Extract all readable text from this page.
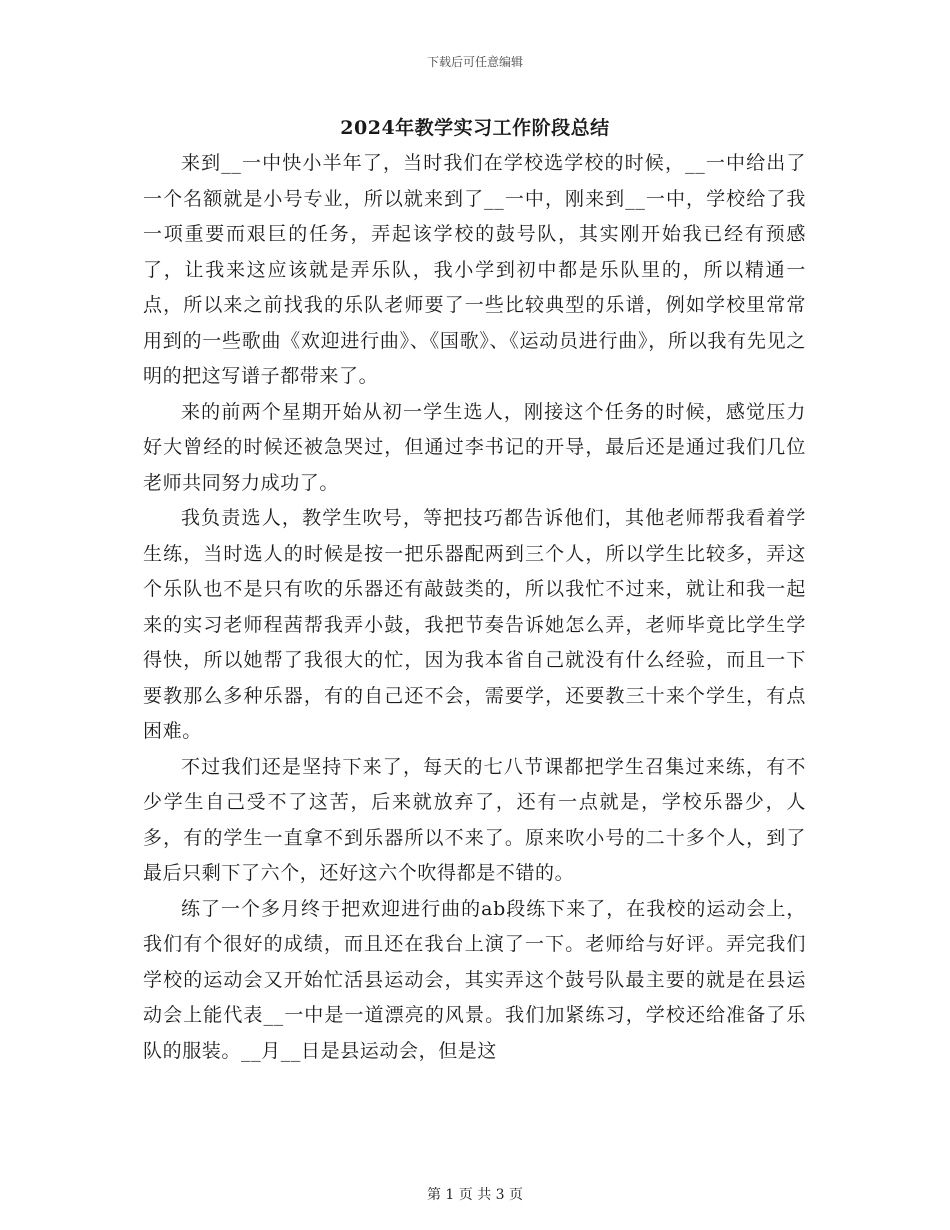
下载后可任意编辑
2024年教学实习工作阶段总结

来到__一中快小半年了，当时我们在学校选学校的时候，__一中给出了一个名额就是小号专业，所以就来到了__一中，刚来到__一中，学校给了我一项重要而艰巨的任务，弄起该学校的鼓号队，其实刚开始我已经有预感了，让我来这应该就是弄乐队，我小学到初中都是乐队里的，所以精通一点，所以来之前找我的乐队老师要了一些比较典型的乐谱，例如学校里常常用到的一些歌曲《欢迎进行曲》、《国歌》、《运动员进行曲》，所以我有先见之明的把这写谱子都带来了。

来的前两个星期开始从初一学生选人，刚接这个任务的时候，感觉压力好大曾经的时候还被急哭过，但通过李书记的开导，最后还是通过我们几位老师共同努力成功了。

我负责选人，教学生吹号，等把技巧都告诉他们，其他老师帮我看着学生练，当时选人的时候是按一把乐器配两到三个人，所以学生比较多，弄这个乐队也不是只有吹的乐器还有敲鼓类的，所以我忙不过来，就让和我一起来的实习老师程茜帮我弄小鼓，我把节奏告诉她怎么弄，老师毕竟比学生学得快，所以她帮了我很大的忙，因为我本省自己就没有什么经验，而且一下要教那么多种乐器，有的自己还不会，需要学，还要教三十来个学生，有点困难。

不过我们还是坚持下来了，每天的七八节课都把学生召集过来练，有不少学生自己受不了这苦，后来就放弃了，还有一点就是，学校乐器少，人多，有的学生一直拿不到乐器所以不来了。原来吹小号的二十多个人，到了最后只剩下了六个，还好这六个吹得都是不错的。

练了一个多月终于把欢迎进行曲的ab段练下来了，在我校的运动会上，我们有个很好的成绩，而且还在我台上演了一下。老师给与好评。弄完我们学校的运动会又开始忙活县运动会，其实弄这个鼓号队最主要的就是在县运动会上能代表__一中是一道漂亮的风景。我们加紧练习，学校还给准备了乐队的服装。__月__日是县运动会，但是这

第 1 页 共 3 页
